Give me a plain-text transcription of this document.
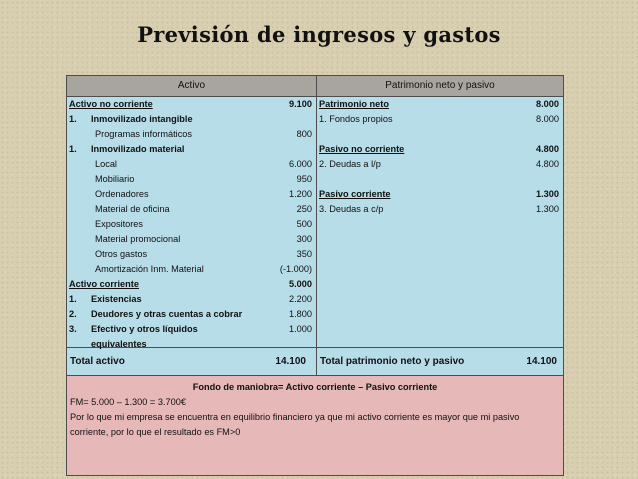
Previsión de ingresos y gastos
Activo	Patrimonio neto y pasivo
Activo no corriente	9.100
1. Inmovilizado intangible
Programas informáticos	800
1. Inmovilizado material
Local	6.000
Mobiliario	950
Ordenadores	1.200
Material de oficina	250
Expositores	500
Material promocional	300
Otros gastos	350
Amortización Inm. Material	(-1.000)
Activo corriente	5.000
1. Existencias	2.200
2. Deudores y otras cuentas a cobrar	1.800
3. Efectivo y otros líquidos	1.000
equivalentes
Patrimonio neto	8.000
1. Fondos propios	8.000
Pasivo no corriente	4.800
2. Deudas a l/p	4.800
Pasivo corriente	1.300
3. Deudas a c/p	1.300
Total activo	14.100	Total patrimonio neto y pasivo	14.100
Fondo de maniobra= Activo corriente – Pasivo corriente
FM= 5.000 – 1.300 = 3.700€
Por lo que mi empresa se encuentra en equilibrio financiero ya que mi activo corriente es mayor que mi pasivo
corriente, por lo que el resultado es FM>0
